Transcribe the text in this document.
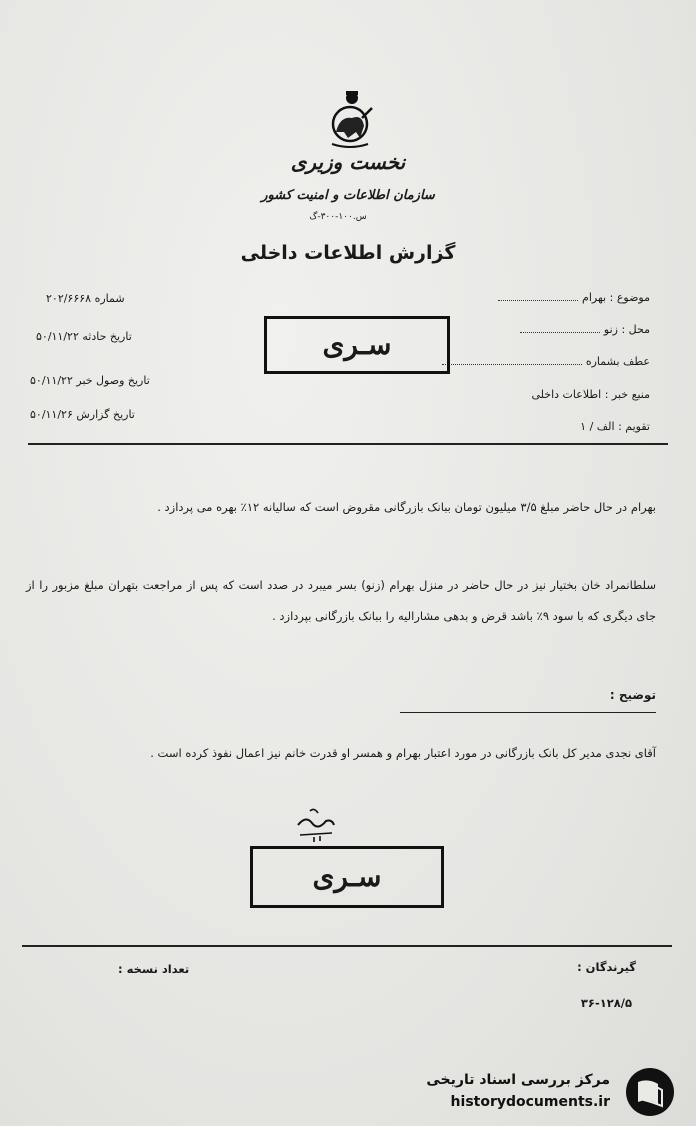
نخست وزیری
سازمان اطلاعات و امنیت کشور
س.۱۰۰-۳۰۰-گ
گزارش اطلاعات داخلی
شماره ۲۰۲/۶۶۶۸
تاریخ حادثه ۵۰/۱۱/۲۲
تاریخ وصول خبر ۵۰/۱۱/۲۲
تاریخ گزارش ۵۰/۱۱/۲۶
موضوع : بهرام
محل : زنو
عطف بشماره
منبع خبر : اطلاعات داخلی
تقویم : الف / ۱
سـری
بهرام در حال حاضر مبلغ ۳/۵ میلیون تومان ببانک بازرگانی مقروض است که سالیانه ۱۲٪ بهره می پردازد .
سلطانمراد خان بختیار نیز در حال حاضر در منزل بهرام (زنو) بسر میبرد در صدد است که پس از مراجعت بتهران مبلغ مزبور را از جای دیگری که با سود ۹٪ باشد قرض و بدهی مشارالیه را ببانک بازرگانی بپردازد .
توضیح :
آقای نجدی مدیر کل بانک بازرگانی در مورد اعتبار بهرام و همسر او قدرت خانم نیز اعمال نفوذ کرده است .
سـری
گیرندگان :
تعداد نسخه :
۳۶-۱۲۸/۵
مرکز بررسی اسناد تاریخی
historydocuments.ir
